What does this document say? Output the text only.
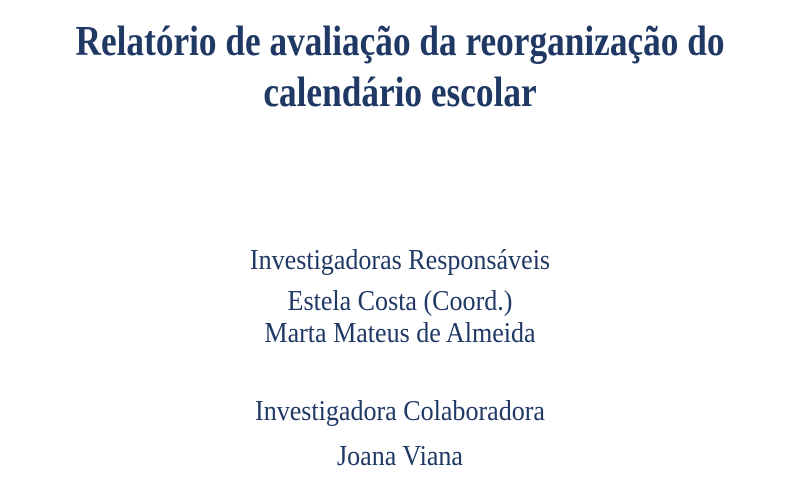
Relatório de avaliação da reorganização do
calendário escolar
Investigadoras Responsáveis
Estela Costa (Coord.)
Marta Mateus de Almeida
Investigadora Colaboradora
Joana Viana
